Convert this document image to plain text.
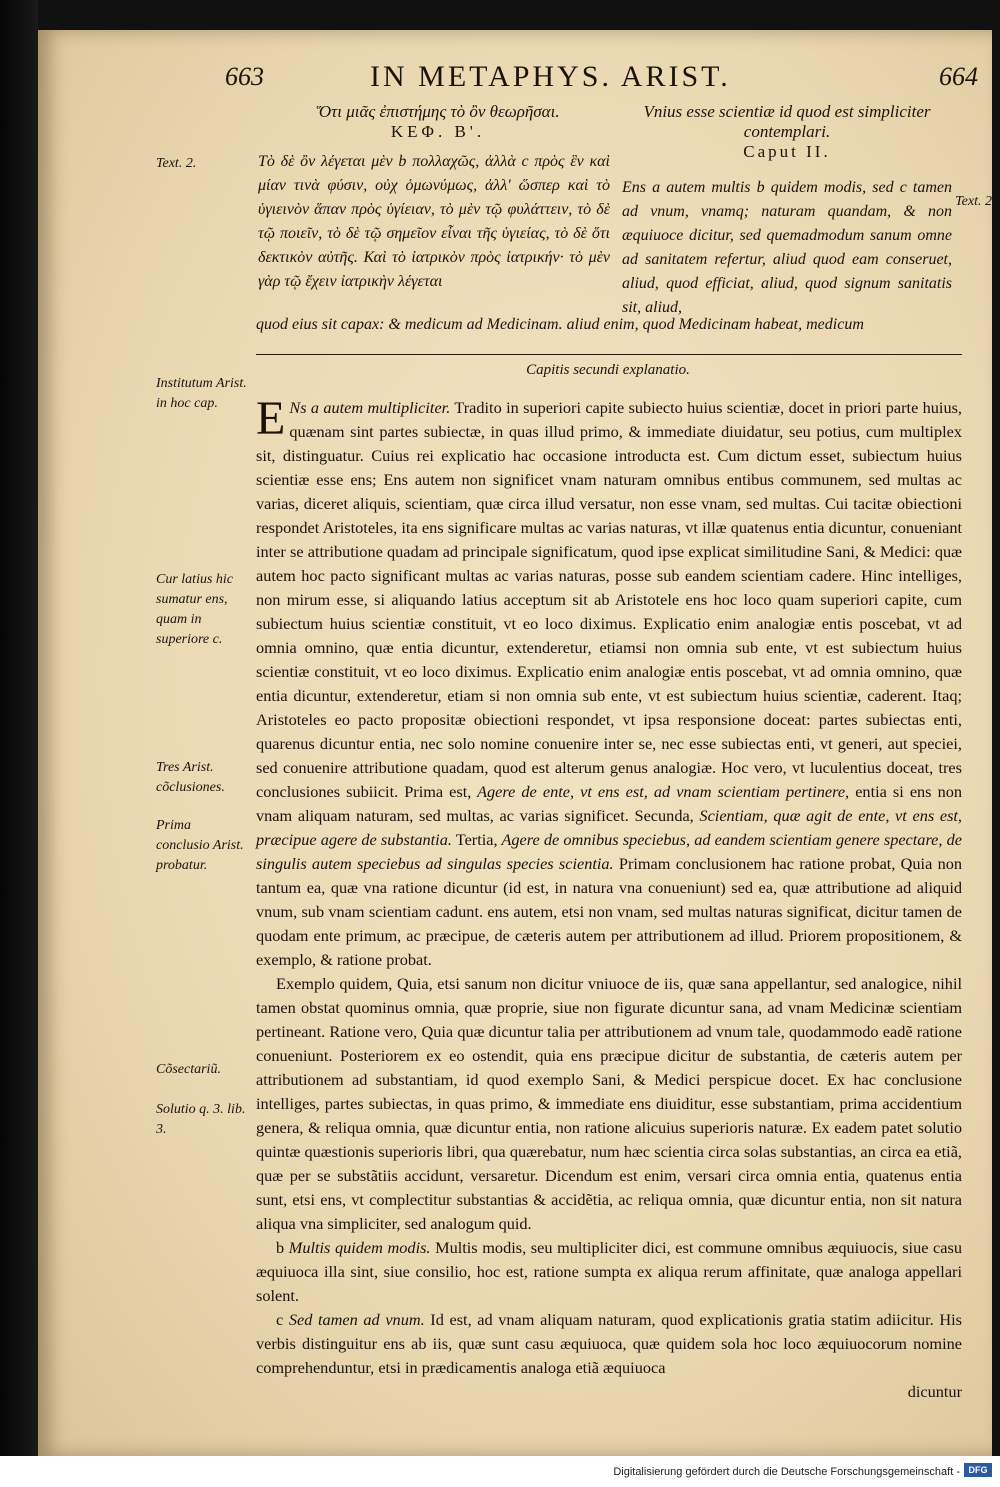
663	IN METAPHYS. ARIST.	664
Ὅτι μιᾶς ἐπιστήμης τὸ ὂν θεωρῆσαι.
ΚΕΦ. Β'.
Vnius esse scientiæ id quod est simpliciter
contemplari.
Caput II.
Text. 2.
Text. 2
Τὸ δὲ ὂν λέγεται μὲν b πολλαχῶς, ἀλλὰ c πρὸς ἓν καὶ μίαν τινὰ φύσιν, οὐχ ὁμωνύμως, ἀλλ' ὥσπερ καὶ τὸ ὑγιεινὸν ἅπαν πρὸς ὑγίειαν, τὸ μὲν τῷ φυλάττειν, τὸ δὲ τῷ ποιεῖν, τὸ δὲ τῷ σημεῖον εἶναι τῆς ὑγιείας, τὸ δὲ ὅτι δεκτικὸν αὐτῆς. Καὶ τὸ ἰατρικὸν πρὸς ἰατρικήν· τὸ μὲν γὰρ τῷ ἔχειν ἰατρικὴν λέγεται
Ens a autem multis b quidem modis, sed c tamen ad vnum, vnamq; naturam quandam, & non æquiuoce dicitur, sed quemadmodum sanum omne ad sanitatem refertur, aliud quod eam conseruet, aliud, quod efficiat, aliud, quod signum sanitatis sit, aliud,
quod eius sit capax: & medicum ad Medicinam. aliud enim, quod Medicinam habeat, medicum
Capitis secundi explanatio.
Institutum Arist. in hoc cap.
Cur latius hic sumatur ens, quam in superiore c.
Tres Arist. cõclusiones.
Prima conclusio Arist. probatur.
Cõsectariũ.
Solutio q. 3. lib. 3.

E Ns a autem multipliciter. Tradito in superiori capite subiecto huius scientiæ, docet in priori parte huius, quænam sint partes subiectæ, in quas illud primo, & immediate diuidatur, seu potius, cum multiplex sit, distinguatur. Cuius rei explicatio hac occasione introducta est. Cum dictum esset, subiectum huius scientiæ esse ens; Ens autem non significet vnam naturam omnibus entibus communem, sed multas ac varias, diceret aliquis, scientiam, quæ circa illud versatur, non esse vnam, sed multas. Cui tacitæ obiectioni respondet Aristoteles, ita ens significare multas ac varias naturas, vt illæ quatenus entia dicuntur, conueniant inter se attributione quadam ad principale significatum, quod ipse explicat similitudine Sani, & Medici: quæ autem hoc pacto significant multas ac varias naturas, posse sub eandem scientiam cadere. Hinc intelliges, non mirum esse, si aliquando latius acceptum sit ab Aristotele ens hoc loco quam superiori capite, cum subiectum huius scientiæ constituit, vt eo loco diximus. Explicatio enim analogiæ entis poscebat, vt ad omnia omnino, quæ entia dicuntur, extenderetur, etiamsi non omnia sub ente, vt est subiectum huius scientiæ constituit, vt eo loco diximus. Explicatio enim analogiæ entis poscebat, vt ad omnia omnino, quæ entia dicuntur, extenderetur, etiam si non omnia sub ente, vt est subiectum huius scientiæ, caderent. Itaq; Aristoteles eo pacto propositæ obiectioni respondet, vt ipsa responsione doceat: partes subiectas enti, quarenus dicuntur entia, nec solo nomine conuenire inter se, nec esse subiectas enti, vt generi, aut speciei, sed conuenire attributione quadam, quod est alterum genus analogiæ. Hoc vero, vt luculentius doceat, tres conclusiones subiicit. Prima est, Agere de ente, vt ens est, ad vnam scientiam pertinere, entia si ens non vnam aliquam naturam, sed multas, ac varias significet. Secunda, Scientiam, quæ agit de ente, vt ens est, præcipue agere de substantia. Tertia, Agere de omnibus speciebus, ad eandem scientiam genere spectare, de singulis autem speciebus ad singulas species scientia. Primam conclusionem hac ratione probat, Quia non tantum ea, quæ vna ratione dicuntur (id est, in natura vna conueniunt) sed ea, quæ attributione ad aliquid vnum, sub vnam scientiam cadunt. ens autem, etsi non vnam, sed multas naturas significat, dicitur tamen de quodam ente primum, ac præcipue, de cæteris autem per attributionem ad illud. Priorem propositionem, & exemplo, & ratione probat.

Exemplo quidem, Quia, etsi sanum non dicitur vniuoce de iis, quæ sana appellantur, sed analogice, nihil tamen obstat quominus omnia, quæ proprie, siue non figurate dicuntur sana, ad vnam Medicinæ scientiam pertineant. Ratione vero, Quia quæ dicuntur talia per attributionem ad vnum tale, quodammodo eadẽ ratione conueniunt. Posteriorem ex eo ostendit, quia ens præcipue dicitur de substantia, de cæteris autem per attributionem ad substantiam, id quod exemplo Sani, & Medici perspicue docet. Ex hac conclusione intelliges, partes subiectas, in quas primo, & immediate ens diuiditur, esse substantiam, prima accidentium genera, & reliqua omnia, quæ dicuntur entia, non ratione alicuius superioris naturæ. Ex eadem patet solutio quintæ quæstionis superioris libri, qua quærebatur, num hæc scientia circa solas substantias, an circa ea etiã, quæ per se substãtiis accidunt, versaretur. Dicendum est enim, versari circa omnia entia, quatenus entia sunt, etsi ens, vt complectitur substantias & accidẽtia, ac reliqua omnia, quæ dicuntur entia, non sit natura aliqua vna simpliciter, sed analogum quid.

b Multis quidem modis. Multis modis, seu multipliciter dici, est commune omnibus æquiuocis, siue casu æquiuoca illa sint, siue consilio, hoc est, ratione sumpta ex aliqua rerum affinitate, quæ analoga appellari solent.

c Sed tamen ad vnum. Id est, ad vnam aliquam naturam, quod explicationis gratia statim adiicitur. His verbis distinguitur ens ab iis, quæ sunt casu æquiuoca, quæ quidem sola hoc loco æquiuocorum nomine comprehenduntur, etsi in prædicamentis analoga etiã æquiuoca

dicuntur

Digitalisierung gefördert durch die Deutsche Forschungsgemeinschaft - DFG
